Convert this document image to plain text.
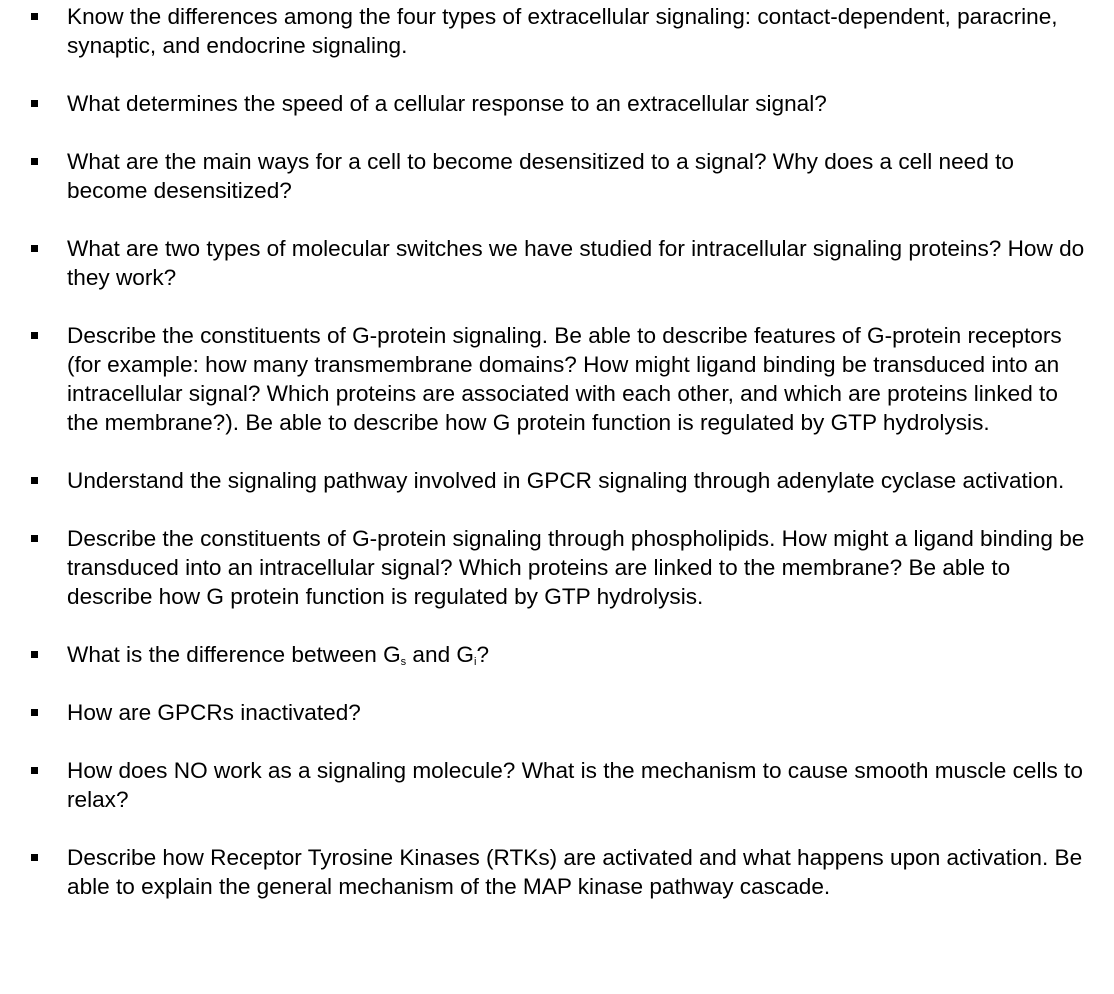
Know the differences among the four types of extracellular signaling: contact-dependent, paracrine, synaptic, and endocrine signaling.
What determines the speed of a cellular response to an extracellular signal?
What are the main ways for a cell to become desensitized to a signal? Why does a cell need to become desensitized?
What are two types of molecular switches we have studied for intracellular signaling proteins? How do they work?
Describe the constituents of G-protein signaling. Be able to describe features of G-protein receptors (for example: how many transmembrane domains? How might ligand binding be transduced into an intracellular signal? Which proteins are associated with each other, and which are proteins linked to the membrane?). Be able to describe how G protein function is regulated by GTP hydrolysis.
Understand the signaling pathway involved in GPCR signaling through adenylate cyclase activation.
Describe the constituents of G-protein signaling through phospholipids. How might a ligand binding be transduced into an intracellular signal? Which proteins are linked to the membrane? Be able to describe how G protein function is regulated by GTP hydrolysis.
What is the difference between $G_s$ and $G_i$?
How are GPCRs inactivated?
How does NO work as a signaling molecule? What is the mechanism to cause smooth muscle cells to relax?
Describe how Receptor Tyrosine Kinases (RTKs) are activated and what happens upon activation. Be able to explain the general mechanism of the MAP kinase pathway cascade.
